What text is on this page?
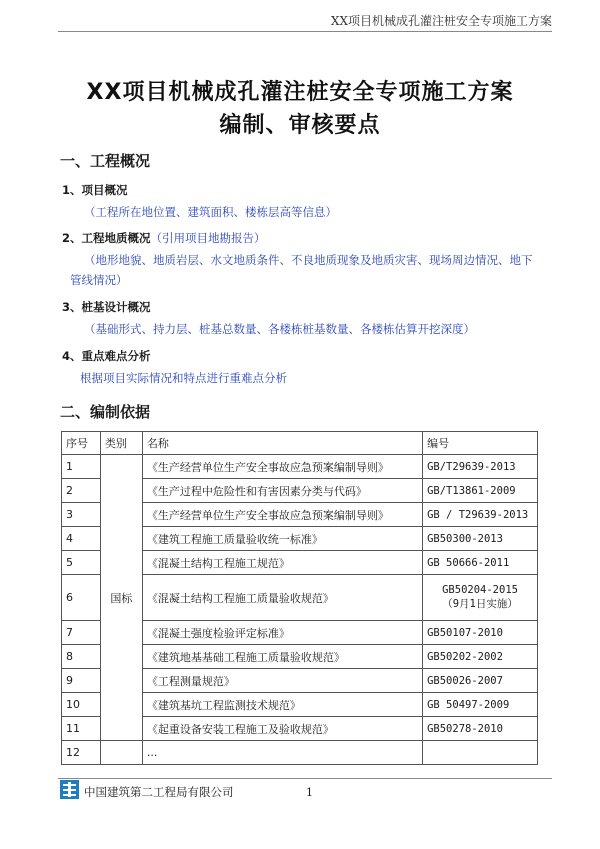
XX项目机械成孔灌注桩安全专项施工方案
XX项目机械成孔灌注桩安全专项施工方案
编制、审核要点
一、工程概况
1、项目概况
（工程所在地位置、建筑面积、楼栋层高等信息）
2、工程地质概况（引用项目地勘报告）
（地形地貌、地质岩层、水文地质条件、不良地质现象及地质灾害、现场周边情况、地下
管线情况）
3、桩基设计概况
（基础形式、持力层、桩基总数量、各楼栋桩基数量、各楼栋估算开挖深度）
4、重点难点分析
根据项目实际情况和特点进行重难点分析
二、编制依据
序号	类别	名称	编号
1	国标	《生产经营单位生产安全事故应急预案编制导则》	GB/T29639-2013
2		《生产过程中危险性和有害因素分类与代码》	GB/T13861-2009
3		《生产经营单位生产安全事故应急预案编制导则》	GB / T29639-2013
4		《建筑工程施工质量验收统一标准》	GB50300-2013
5		《混凝土结构工程施工规范》	GB 50666-2011
6		《混凝土结构工程施工质量验收规范》	GB50204-2015
（9月1日实施）

7		《混凝土强度检验评定标准》	GB50107-2010
8		《建筑地基基础工程施工质量验收规范》	GB50202-2002
9		《工程测量规范》	GB50026-2007
10		《建筑基坑工程监测技术规范》	GB 50497-2009
11		《起重设备安装工程施工及验收规范》	GB50278-2010
12		...	
中国建筑第二工程局有限公司	1
